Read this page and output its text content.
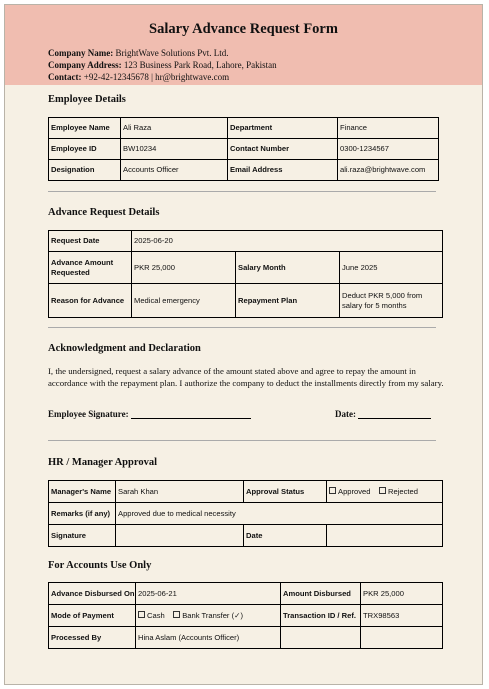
Salary Advance Request Form
Company Name: BrightWave Solutions Pvt. Ltd.
Company Address: 123 Business Park Road, Lahore, Pakistan
Contact: +92-42-12345678 | hr@brightwave.com
Employee Details
Employee Name	Ali Raza	Department	Finance
Employee ID	BW10234	Contact Number	0300-1234567
Designation	Accounts Officer	Email Address	ali.raza@brightwave.com
Advance Request Details
Request Date	2025-06-20		
Advance Amount Requested	PKR 25,000	Salary Month	June 2025
Reason for Advance	Medical emergency	Repayment Plan	Deduct PKR 5,000 from salary for 5 months
Acknowledgment and Declaration
I, the undersigned, request a salary advance of the amount stated above and agree to repay the amount in accordance with the repayment plan. I authorize the company to deduct the installments directly from my salary.
Employee Signature:	Date:
HR / Manager Approval
Manager's Name	Sarah Khan	Approval Status	Approved Rejected
Remarks (if any)	Approved due to medical necessity		
Signature		Date	
For Accounts Use Only
Advance Disbursed On	2025-06-21	Amount Disbursed	PKR 25,000
Mode of Payment	Cash Bank Transfer (✓)	Transaction ID / Ref.	TRX98563
Processed By	Hina Aslam (Accounts Officer)		
